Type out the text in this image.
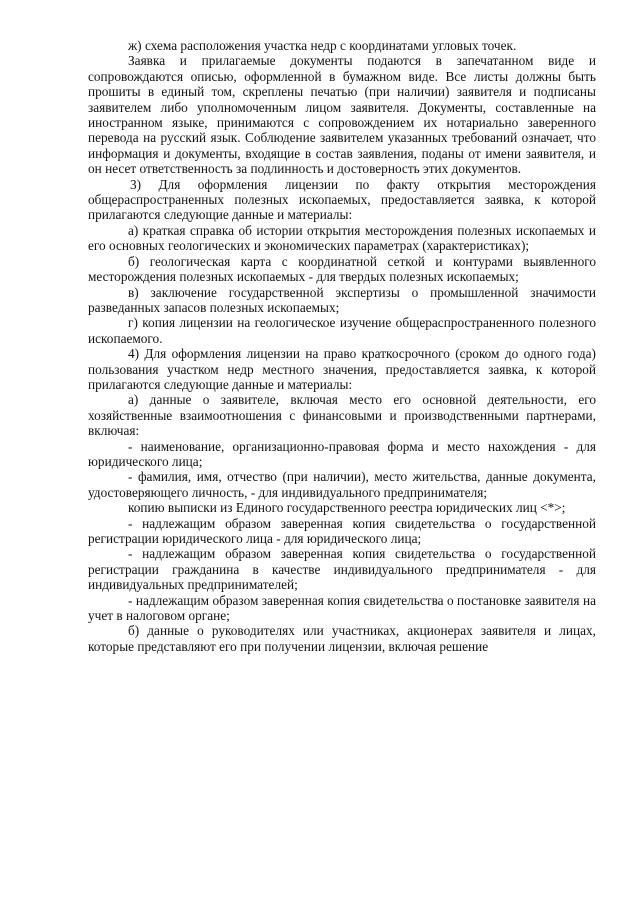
ж) схема расположения участка недр с координатами угловых точек.

Заявка и прилагаемые документы подаются в запечатанном виде и сопровождаются описью, оформленной в бумажном виде. Все листы должны быть прошиты в единый том, скреплены печатью (при наличии) заявителя и подписаны заявителем либо уполномоченным лицом заявителя. Документы, составленные на иностранном языке, принимаются с сопровождением их нотариально заверенного перевода на русский язык. Соблюдение заявителем указанных требований означает, что информация и документы, входящие в состав заявления, поданы от имени заявителя, и он несет ответственность за подлинность и достоверность этих документов.

3) Для оформления лицензии по факту открытия месторождения общераспространенных полезных ископаемых, предоставляется заявка, к которой прилагаются следующие данные и материалы:

а) краткая справка об истории открытия месторождения полезных ископаемых и его основных геологических и экономических параметрах (характеристиках);

б) геологическая карта с координатной сеткой и контурами выявленного месторождения полезных ископаемых - для твердых полезных ископаемых;

в) заключение государственной экспертизы о промышленной значимости разведанных запасов полезных ископаемых;

г) копия лицензии на геологическое изучение общераспространенного полезного ископаемого.

4) Для оформления лицензии на право краткосрочного (сроком до одного года) пользования участком недр местного значения, предоставляется заявка, к которой прилагаются следующие данные и материалы:

а) данные о заявителе, включая место его основной деятельности, его хозяйственные взаимоотношения с финансовыми и производственными партнерами, включая:

- наименование, организационно-правовая форма и место нахождения - для юридического лица;

- фамилия, имя, отчество (при наличии), место жительства, данные документа, удостоверяющего личность, - для индивидуального предпринимателя;

копию выписки из Единого государственного реестра юридических лиц <*>;

- надлежащим образом заверенная копия свидетельства о государственной регистрации юридического лица - для юридического лица;

- надлежащим образом заверенная копия свидетельства о государственной регистрации гражданина в качестве индивидуального предпринимателя - для индивидуальных предпринимателей;

- надлежащим образом заверенная копия свидетельства о постановке заявителя на учет в налоговом органе;

б) данные о руководителях или участниках, акционерах заявителя и лицах, которые представляют его при получении лицензии, включая решение
